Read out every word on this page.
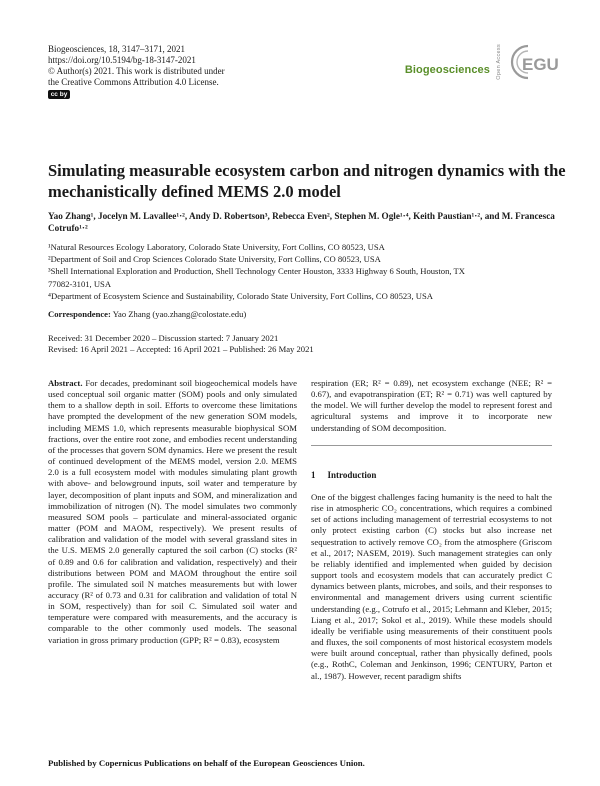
Biogeosciences, 18, 3147–3171, 2021
https://doi.org/10.5194/bg-18-3147-2021
© Author(s) 2021. This work is distributed under
the Creative Commons Attribution 4.0 License.
cc by
Biogeosciences Open Access EGU
Simulating measurable ecosystem carbon and nitrogen dynamics with the mechanistically defined MEMS 2.0 model
Yao Zhang¹, Jocelyn M. Lavallee¹·², Andy D. Robertson³, Rebecca Even², Stephen M. Ogle¹·⁴, Keith Paustian¹·², and M. Francesca Cotrufo¹·²
¹Natural Resources Ecology Laboratory, Colorado State University, Fort Collins, CO 80523, USA
²Department of Soil and Crop Sciences Colorado State University, Fort Collins, CO 80523, USA
³Shell International Exploration and Production, Shell Technology Center Houston, 3333 Highway 6 South, Houston, TX 77082-3101, USA
⁴Department of Ecosystem Science and Sustainability, Colorado State University, Fort Collins, CO 80523, USA
Correspondence: Yao Zhang (yao.zhang@colostate.edu)
Received: 31 December 2020 – Discussion started: 7 January 2021
Revised: 16 April 2021 – Accepted: 16 April 2021 – Published: 26 May 2021

Abstract. For decades, predominant soil biogeochemical models have used conceptual soil organic matter (SOM) pools and only simulated them to a shallow depth in soil. Efforts to overcome these limitations have prompted the development of the new generation SOM models, including MEMS 1.0, which represents measurable biophysical SOM fractions, over the entire root zone, and embodies recent understanding of the processes that govern SOM dynamics. Here we present the result of continued development of the MEMS model, version 2.0. MEMS 2.0 is a full ecosystem model with modules simulating plant growth with above- and belowground inputs, soil water and temperature by layer, decomposition of plant inputs and SOM, and mineralization and immobilization of nitrogen (N). The model simulates two commonly measured SOM pools – particulate and mineral-associated organic matter (POM and MAOM, respectively). We present results of calibration and validation of the model with several grassland sites in the U.S. MEMS 2.0 generally captured the soil carbon (C) stocks (R² of 0.89 and 0.6 for calibration and validation, respectively) and their distributions between POM and MAOM throughout the entire soil profile. The simulated soil N matches measurements but with lower accuracy (R² of 0.73 and 0.31 for calibration and validation of total N in SOM, respectively) than for soil C. Simulated soil water and temperature were compared with measurements, and the accuracy is comparable to the other commonly used models. The seasonal variation in gross primary production (GPP; R² = 0.83), ecosystem

respiration (ER; R² = 0.89), net ecosystem exchange (NEE; R² = 0.67), and evapotranspiration (ET; R² = 0.71) was well captured by the model. We will further develop the model to represent forest and agricultural systems and improve it to incorporate new understanding of SOM decomposition.

1 Introduction
One of the biggest challenges facing humanity is the need to halt the rise in atmospheric CO₂ concentrations, which requires a combined set of actions including management of terrestrial ecosystems to not only protect existing carbon (C) stocks but also increase net sequestration to actively remove CO₂ from the atmosphere (Griscom et al., 2017; NASEM, 2019). Such management strategies can only be reliably identified and implemented when guided by decision support tools and ecosystem models that can accurately predict C dynamics between plants, microbes, and soils, and their responses to environmental and management drivers using current scientific understanding (e.g., Cotrufo et al., 2015; Lehmann and Kleber, 2015; Liang et al., 2017; Sokol et al., 2019). While these models should ideally be verifiable using measurements of their constituent pools and fluxes, the soil components of most historical ecosystem models were built around conceptual, rather than physically defined, pools (e.g., RothC, Coleman and Jenkinson, 1996; CENTURY, Parton et al., 1987). However, recent paradigm shifts
Published by Copernicus Publications on behalf of the European Geosciences Union.
